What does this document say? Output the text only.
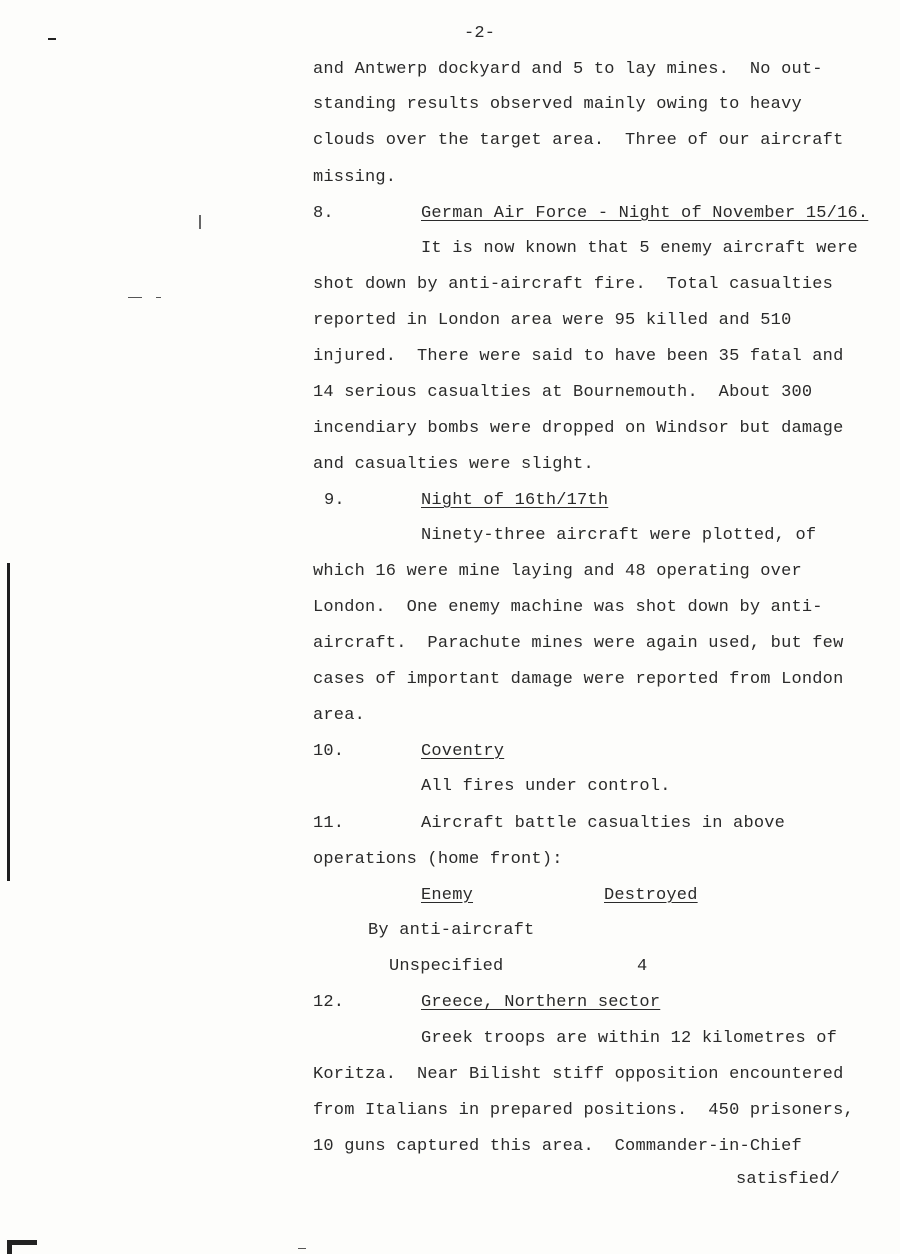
-2-
and Antwerp dockyard and 5 to lay mines.  No out-
standing results observed mainly owing to heavy
clouds over the target area.  Three of our aircraft
missing.
8.	German Air Force - Night of November 15/16.
It is now known that 5 enemy aircraft were
shot down by anti-aircraft fire.  Total casualties
reported in London area were 95 killed and 510
injured.  There were said to have been 35 fatal and
14 serious casualties at Bournemouth.  About 300
incendiary bombs were dropped on Windsor but damage
and casualties were slight.
9.	Night of 16th/17th
Ninety-three aircraft were plotted, of
which 16 were mine laying and 48 operating over
London.  One enemy machine was shot down by anti-
aircraft.  Parachute mines were again used, but few
cases of important damage were reported from London
area.
10.	Coventry
All fires under control.
11.	Aircraft battle casualties in above
operations (home front):
Enemy	Destroyed
By anti-aircraft
Unspecified	4
12.	Greece, Northern sector
Greek troops are within 12 kilometres of
Koritza.  Near Bilisht stiff opposition encountered
from Italians in prepared positions.  450 prisoners,
10 guns captured this area.  Commander-in-Chief
satisfied/
